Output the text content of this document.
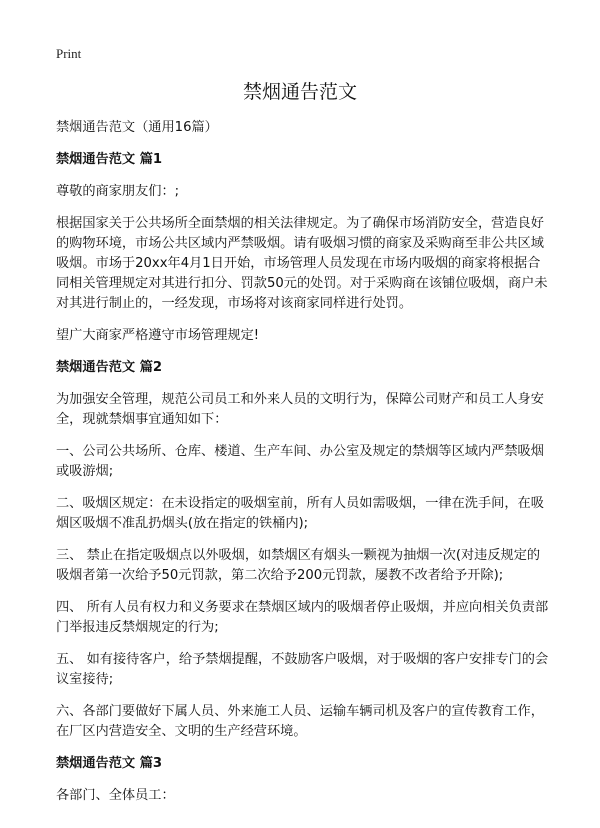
Print
禁烟通告范文

禁烟通告范文（通用16篇）

禁烟通告范文 篇1

尊敬的商家朋友们：;

根据国家关于公共场所全面禁烟的相关法律规定。为了确保市场消防安全，营造良好的购物环境，市场公共区域内严禁吸烟。请有吸烟习惯的商家及采购商至非公共区域吸烟。市场于20xx年4月1日开始，市场管理人员发现在市场内吸烟的商家将根据合同相关管理规定对其进行扣分、罚款50元的处罚。对于采购商在该铺位吸烟，商户未对其进行制止的，一经发现，市场将对该商家同样进行处罚。

望广大商家严格遵守市场管理规定!

禁烟通告范文 篇2

为加强安全管理，规范公司员工和外来人员的文明行为，保障公司财产和员工人身安全，现就禁烟事宜通知如下：

一、公司公共场所、仓库、楼道、生产车间、办公室及规定的禁烟等区域内严禁吸烟或吸游烟;

二、吸烟区规定：在未设指定的吸烟室前，所有人员如需吸烟，一律在洗手间，在吸烟区吸烟不准乱扔烟头(放在指定的铁桶内);

三、 禁止在指定吸烟点以外吸烟，如禁烟区有烟头一颗视为抽烟一次(对违反规定的吸烟者第一次给予50元罚款，第二次给予200元罚款，屡教不改者给予开除);

四、 所有人员有权力和义务要求在禁烟区域内的吸烟者停止吸烟，并应向相关负责部门举报违反禁烟规定的行为;

五、 如有接待客户，给予禁烟提醒，不鼓励客户吸烟，对于吸烟的客户安排专门的会议室接待;

六、各部门要做好下属人员、外来施工人员、运输车辆司机及客户的宣传教育工作，在厂区内营造安全、文明的生产经营环境。

禁烟通告范文 篇3

各部门、全体员工：
